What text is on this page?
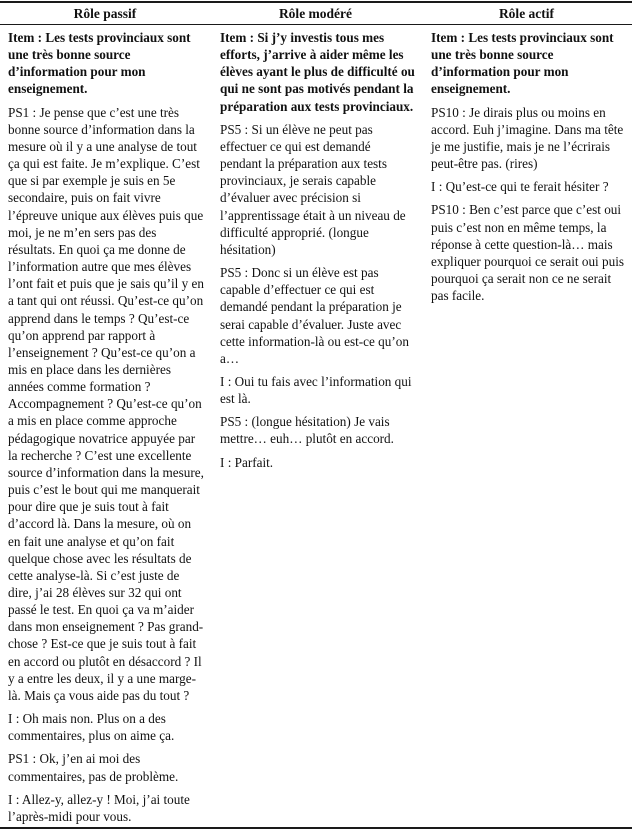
Rôle passif	Rôle modéré	Rôle actif

Item : Les tests provinciaux sont une très bonne source d’information pour mon enseignement.

PS1 : Je pense que c’est une très bonne source d’information dans la mesure où il y a une analyse de tout ça qui est faite. Je m’explique. C’est que si par exemple je suis en 5e secondaire, puis on fait vivre l’épreuve unique aux élèves puis que moi, je ne m’en sers pas des résultats. En quoi ça me donne de l’information autre que mes élèves l’ont fait et puis que je sais qu’il y en a tant qui ont réussi. Qu’est-ce qu’on apprend dans le temps ? Qu’est-ce qu’on apprend par rapport à l’enseignement ? Qu’est-ce qu’on a mis en place dans les dernières années comme formation ? Accompagnement ? Qu’est-ce qu’on a mis en place comme approche pédagogique novatrice appuyée par la recherche ? C’est une excellente source d’information dans la mesure, puis c’est le bout qui me manquerait pour dire que je suis tout à fait d’accord là. Dans la mesure, où on en fait une analyse et qu’on fait quelque chose avec les résultats de cette analyse-là. Si c’est juste de dire, j’ai 28 élèves sur 32 qui ont passé le test. En quoi ça va m’aider dans mon enseignement ? Pas grand-chose ? Est-ce que je suis tout à fait en accord ou plutôt en désaccord ? Il y a entre les deux, il y a une marge-là. Mais ça vous aide pas du tout ?

I : Oh mais non. Plus on a des commentaires, plus on aime ça.

PS1 : Ok, j’en ai moi des commentaires, pas de problème.

I : Allez-y, allez-y ! Moi, j’ai toute l’après-midi pour vous.

Item : Si j’y investis tous mes efforts, j’arrive à aider même les élèves ayant le plus de difficulté ou qui ne sont pas motivés pendant la préparation aux tests provinciaux.

PS5 : Si un élève ne peut pas effectuer ce qui est demandé pendant la préparation aux tests provinciaux, je serais capable d’évaluer avec précision si l’apprentissage était à un niveau de difficulté approprié. (longue hésitation)

PS5 : Donc si un élève est pas capable d’effectuer ce qui est demandé pendant la préparation je serai capable d’évaluer. Juste avec cette information-là ou est-ce qu’on a…

I : Oui tu fais avec l’information qui est là.

PS5 : (longue hésitation) Je vais mettre… euh… plutôt en accord.

I : Parfait.

Item : Les tests provinciaux sont une très bonne source d’information pour mon enseignement.

PS10 : Je dirais plus ou moins en accord. Euh j’imagine. Dans ma tête je me justifie, mais je ne l’écrirais peut-être pas. (rires)

I : Qu’est-ce qui te ferait hésiter ?

PS10 : Ben c’est parce que c’est oui puis c’est non en même temps, la réponse à cette question-là… mais expliquer pourquoi ce serait oui puis pourquoi ça serait non ce ne serait pas facile.
